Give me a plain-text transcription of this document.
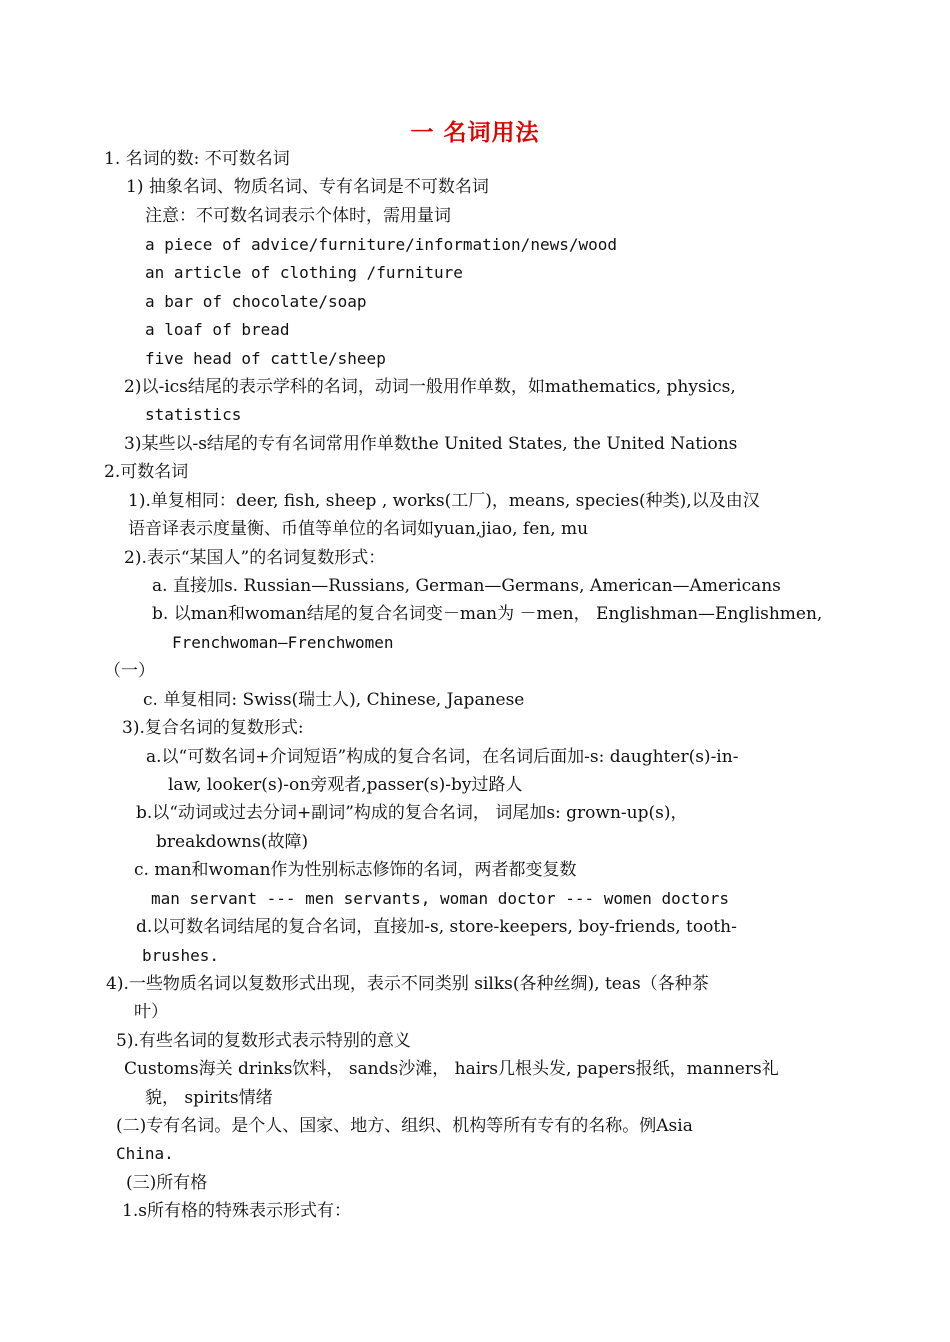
一 名词用法
1. 名词的数: 不可数名词
1) 抽象名词、物质名词、专有名词是不可数名词
注意：不可数名词表示个体时，需用量词
a piece of advice/furniture/information/news/wood
an article of clothing /furniture
a bar of chocolate/soap
a loaf of bread
five head of cattle/sheep
2)以-ics结尾的表示学科的名词，动词一般用作单数，如mathematics, physics,
statistics
3)某些以-s结尾的专有名词常用作单数the United States, the United Nations
2.可数名词
1).单复相同：deer, fish, sheep , works(工厂)，means, species(种类),以及由汉
语音译表示度量衡、币值等单位的名词如yuan,jiao, fen, mu
2).表示“某国人”的名词复数形式：
a. 直接加s. Russian—Russians, German—Germans, American—Americans
b. 以man和woman结尾的复合名词变－man为 －men， Englishman—Englishmen,
Frenchwoman—Frenchwomen
（一）
c. 单复相同: Swiss(瑞士人), Chinese, Japanese
3).复合名词的复数形式:
a.以“可数名词+介词短语”构成的复合名词，在名词后面加-s: daughter(s)-in-
law, looker(s)-on旁观者,passer(s)-by过路人
b.以“动词或过去分词+副词”构成的复合名词， 词尾加s: grown-up(s)，
breakdowns(故障)
c. man和woman作为性别标志修饰的名词，两者都变复数
man servant --- men servants, woman doctor --- women doctors
d.以可数名词结尾的复合名词，直接加-s, store-keepers, boy-friends, tooth-
brushes.
4).一些物质名词以复数形式出现，表示不同类别 silks(各种丝绸), teas（各种茶
叶）
5).有些名词的复数形式表示特别的意义
Customs海关 drinks饮料， sands沙滩， hairs几根头发, papers报纸，manners礼
貌， spirits情绪
(二)专有名词。是个人、国家、地方、组织、机构等所有专有的名称。例Asia
China.
(三)所有格
1.s所有格的特殊表示形式有：
